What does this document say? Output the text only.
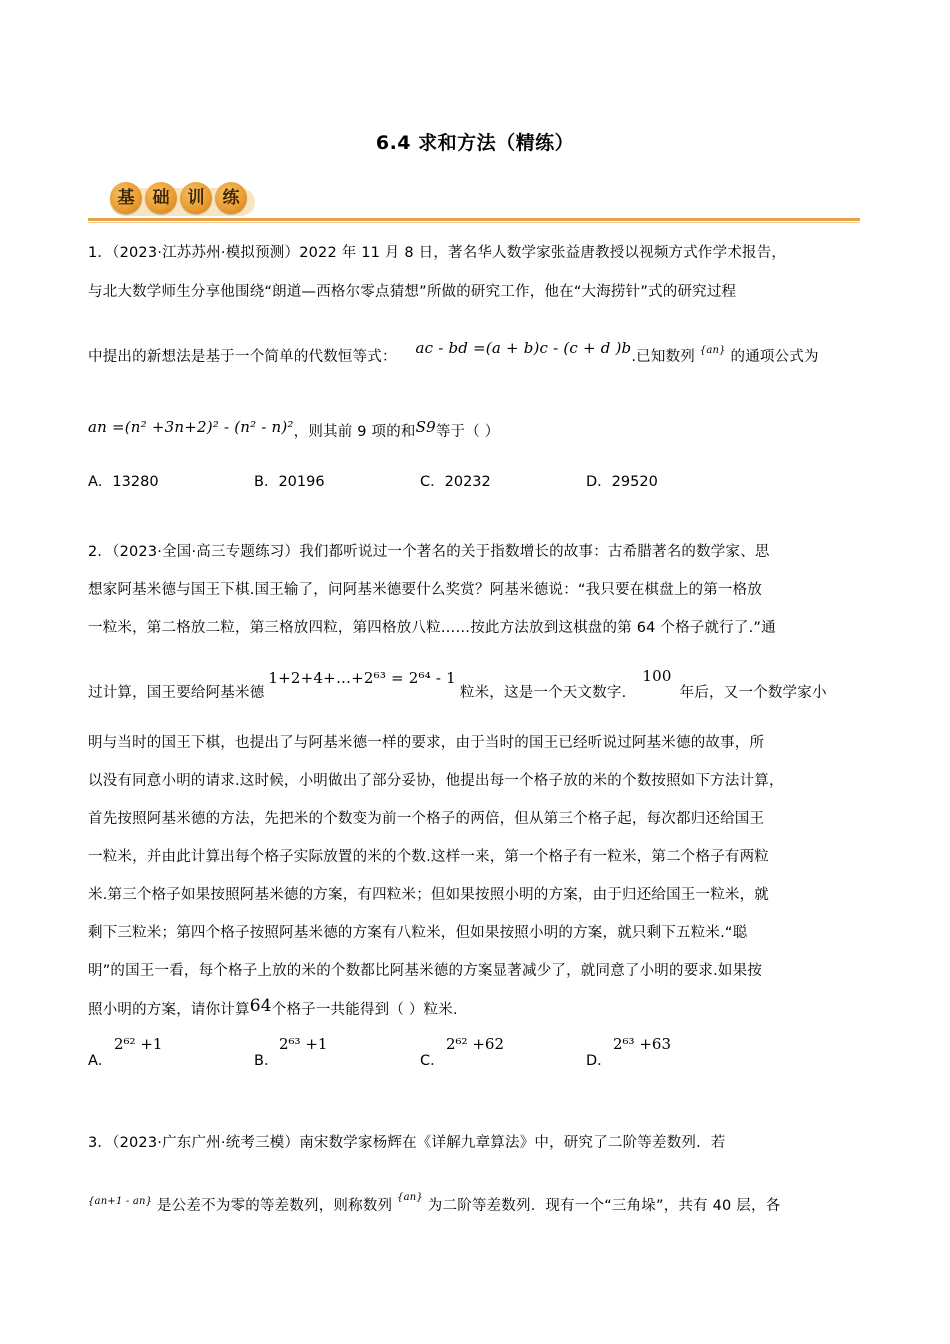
6.4 求和方法（精练）
基	础	训	练
1．（2023·江苏苏州·模拟预测）2022 年 11 月 8 日，著名华人数学家张益唐教授以视频方式作学术报告，
与北大数学师生分享他围绕“朗道—西格尔零点猜想”所做的研究工作，他在“大海捞针”式的研究过程
中提出的新想法是基于一个简单的代数恒等式： ac - bd =(a + b)c - (c + d )b.已知数列 $^{\{an\}}$ 的通项公式为
an =(n² +3n+2)² - (n² - n)²，则其前 9 项的和S9等于（ ）
A．13280	B．20196	C．20232	D．29520
2．（2023·全国·高三专题练习）我们都听说过一个著名的关于指数增长的故事：古希腊著名的数学家、思
想家阿基米德与国王下棋.国王输了，问阿基米德要什么奖赏？阿基米德说：“我只要在棋盘上的第一格放
一粒米，第二格放二粒，第三格放四粒，第四格放八粒……按此方法放到这棋盘的第 64 个格子就行了.”通
过计算，国王要给阿基米德1+2+4+…+2⁶³ = 2⁶⁴ - 1粒米，这是一个天文数字.100年后，又一个数学家小
明与当时的国王下棋，也提出了与阿基米德一样的要求，由于当时的国王已经听说过阿基米德的故事，所
以没有同意小明的请求.这时候，小明做出了部分妥协，他提出每一个格子放的米的个数按照如下方法计算，
首先按照阿基米德的方法，先把米的个数变为前一个格子的两倍，但从第三个格子起，每次都归还给国王
一粒米，并由此计算出每个格子实际放置的米的个数.这样一来，第一个格子有一粒米，第二个格子有两粒
米.第三个格子如果按照阿基米德的方案，有四粒米；但如果按照小明的方案，由于归还给国王一粒米，就
剩下三粒米；第四个格子按照阿基米德的方案有八粒米，但如果按照小明的方案，就只剩下五粒米.“聪
明”的国王一看，每个格子上放的米的个数都比阿基米德的方案显著减少了，就同意了小明的要求.如果按
照小明的方案，请你计算64个格子一共能得到（ ）粒米.
A．
2⁶² +1
B．
2⁶³ +1
C．
2⁶² +62
D．
2⁶³ +63
3．（2023·广东广州·统考三模）南宋数学家杨辉在《详解九章算法》中，研究了二阶等差数列．若
$^{\{an+1 - an\}}$ 是公差不为零的等差数列，则称数列 $^{\{an\}}$ 为二阶等差数列．现有一个“三角垛”，共有 40 层，各
